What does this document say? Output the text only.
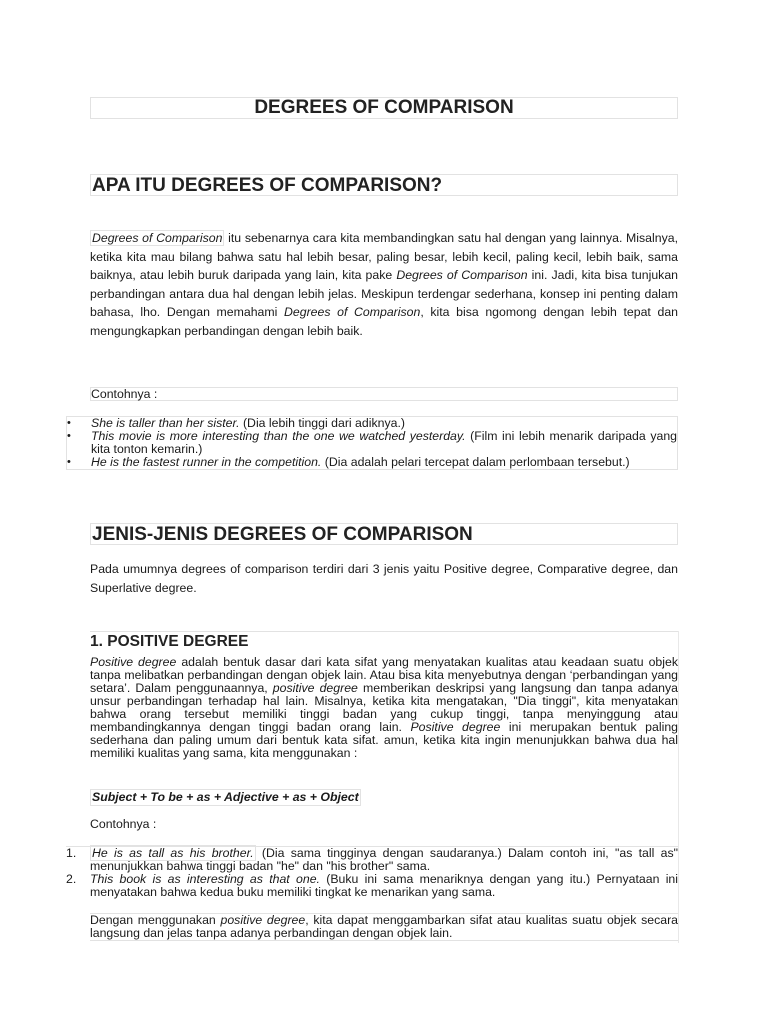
DEGREES OF COMPARISON
APA ITU DEGREES OF COMPARISON?

Degrees of Comparison itu sebenarnya cara kita membandingkan satu hal dengan yang lainnya. Misalnya, ketika kita mau bilang bahwa satu hal lebih besar, paling besar, lebih kecil, paling kecil, lebih baik, sama baiknya, atau lebih buruk daripada yang lain, kita pake Degrees of Comparison ini. Jadi, kita bisa tunjukan perbandingan antara dua hal dengan lebih jelas. Meskipun terdengar sederhana, konsep ini penting dalam bahasa, lho. Dengan memahami Degrees of Comparison, kita bisa ngomong dengan lebih tepat dan mengungkapkan perbandingan dengan lebih baik.

Contohnya :
• She is taller than her sister. (Dia lebih tinggi dari adiknya.)
• This movie is more interesting than the one we watched yesterday. (Film ini lebih menarik daripada yang kita tonton kemarin.)
• He is the fastest runner in the competition. (Dia adalah pelari tercepat dalam perlombaan tersebut.)
JENIS-JENIS DEGREES OF COMPARISON

Pada umumnya degrees of comparison terdiri dari 3 jenis yaitu Positive degree, Comparative degree, dan Superlative degree.

1. POSITIVE DEGREE

Positive degree adalah bentuk dasar dari kata sifat yang menyatakan kualitas atau keadaan suatu objek tanpa melibatkan perbandingan dengan objek lain. Atau bisa kita menyebutnya dengan ‘perbandingan yang setara’. Dalam penggunaannya, positive degree memberikan deskripsi yang langsung dan tanpa adanya unsur perbandingan terhadap hal lain. Misalnya, ketika kita mengatakan, "Dia tinggi", kita menyatakan bahwa orang tersebut memiliki tinggi badan yang cukup tinggi, tanpa menyinggung atau membandingkannya dengan tinggi badan orang lain. Positive degree ini merupakan bentuk paling sederhana dan paling umum dari bentuk kata sifat. amun, ketika kita ingin menunjukkan bahwa dua hal memiliki kualitas yang sama, kita menggunakan :

Subject + To be + as + Adjective + as + Object
Contohnya :
1. He is as tall as his brother. (Dia sama tingginya dengan saudaranya.) Dalam contoh ini, "as tall as" menunjukkan bahwa tinggi badan "he" dan "his brother" sama.
2. This book is as interesting as that one. (Buku ini sama menariknya dengan yang itu.) Pernyataan ini menyatakan bahwa kedua buku memiliki tingkat ke menarikan yang sama.

Dengan menggunakan positive degree, kita dapat menggambarkan sifat atau kualitas suatu objek secara langsung dan jelas tanpa adanya perbandingan dengan objek lain.
